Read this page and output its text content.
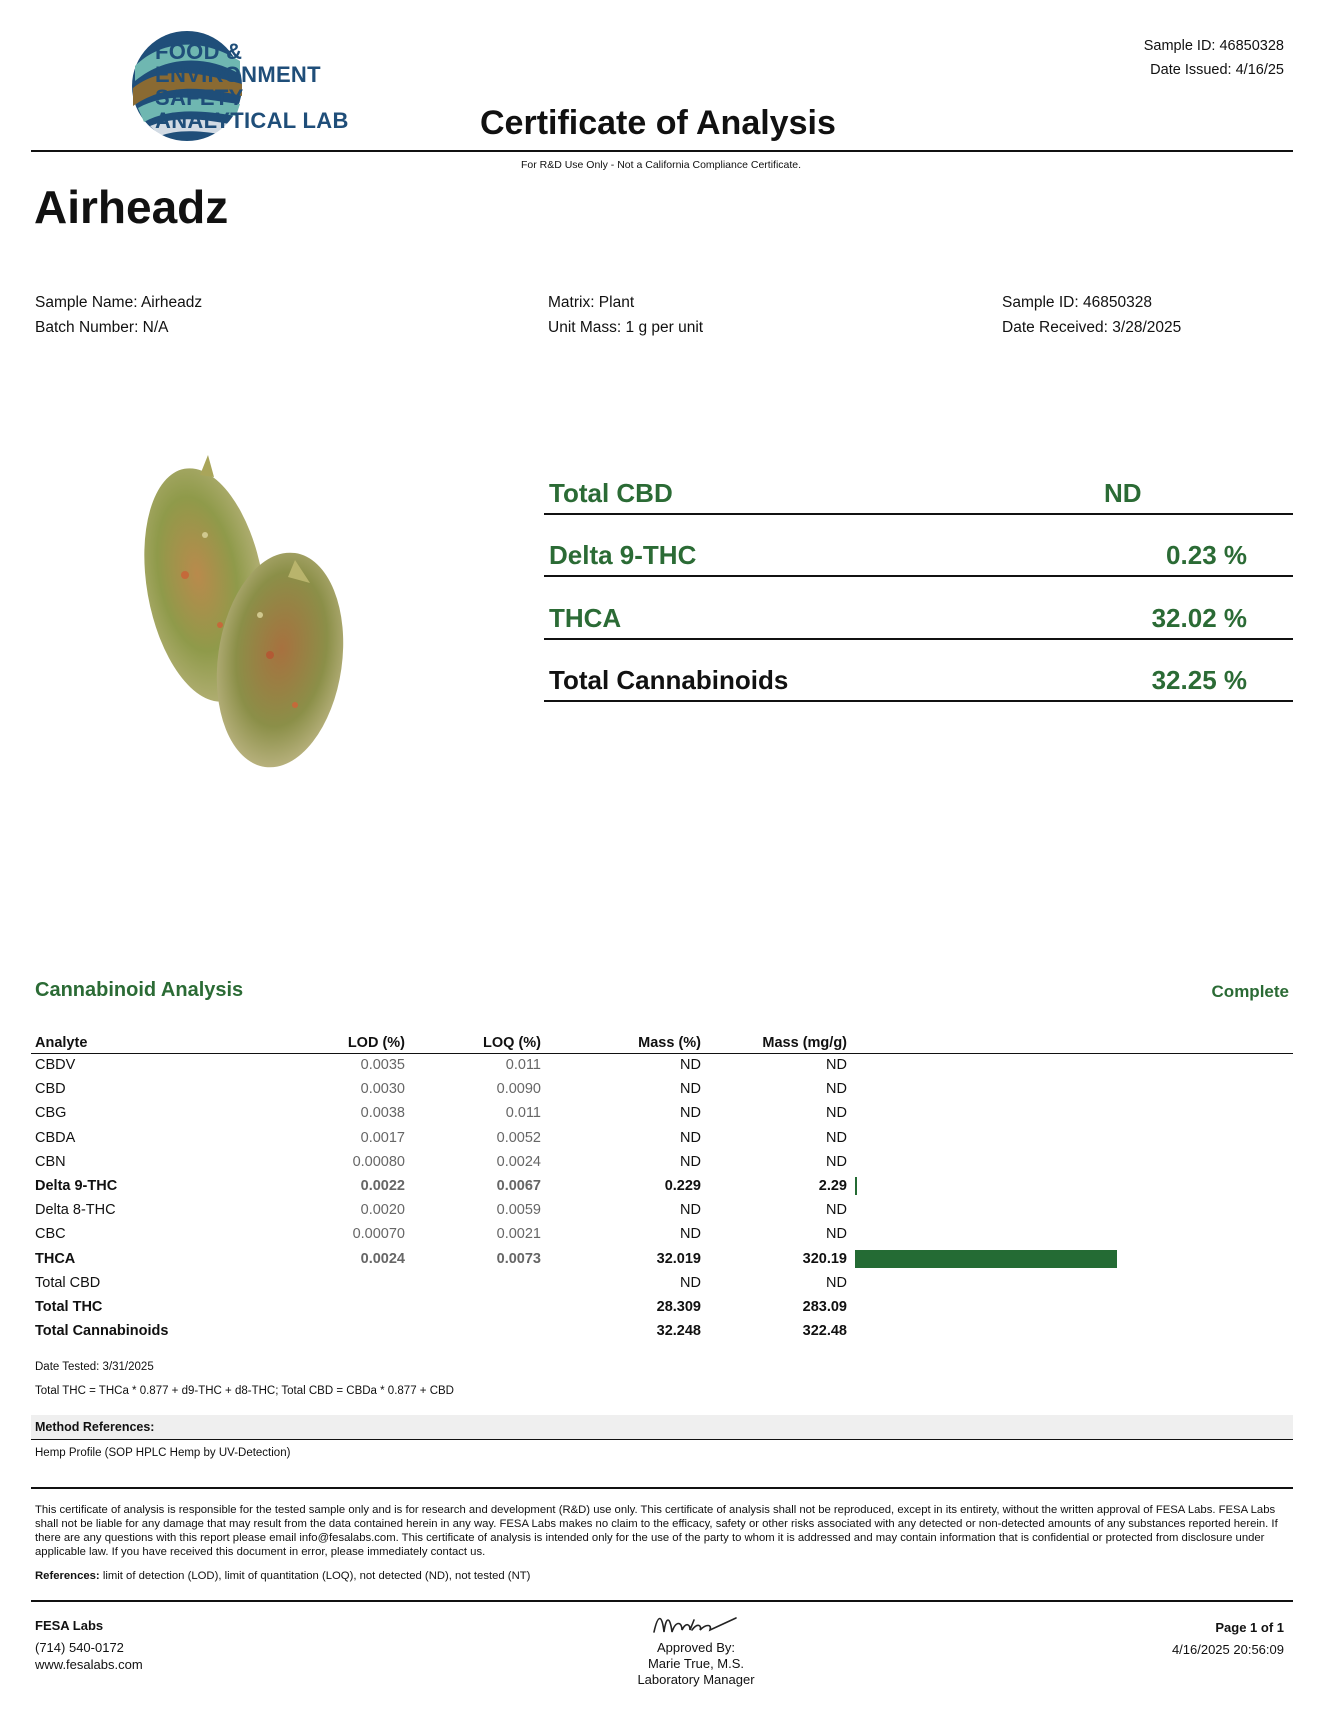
FOOD &
ENVIRONMENT
SAFETY
ANALYTICAL LAB
Sample ID: 46850328
Date Issued: 4/16/25
Certificate of Analysis
For R&D Use Only - Not a California Compliance Certificate.
Airheadz
Sample Name: Airheadz
Batch Number: N/A
Matrix: Plant
Unit Mass: 1 g per unit
Sample ID: 46850328
Date Received: 3/28/2025
Total CBD	ND
Delta 9-THC	0.23 %
THCA	32.02 %
Total Cannabinoids	32.25 %
Cannabinoid Analysis	Complete
Analyte	LOD (%)	LOQ (%)	Mass (%)	Mass (mg/g)	
CBDV	0.0035	0.011	ND	ND	
CBD	0.0030	0.0090	ND	ND	
CBG	0.0038	0.011	ND	ND	
CBDA	0.0017	0.0052	ND	ND	
CBN	0.00080	0.0024	ND	ND	
Delta 9-THC	0.0022	0.0067	0.229	2.29	

Delta 8-THC	0.0020	0.0059	ND	ND	
CBC	0.00070	0.0021	ND	ND	
THCA	0.0024	0.0073	32.019	320.19	

Total CBD			ND	ND	
Total THC			28.309	283.09	
Total Cannabinoids			32.248	322.48	
Date Tested: 3/31/2025
Total THC = THCa * 0.877 + d9-THC + d8-THC; Total CBD = CBDa * 0.877 + CBD
Method References:
Hemp Profile (SOP HPLC Hemp by UV-Detection)
This certificate of analysis is responsible for the tested sample only and is for research and development (R&D) use only. This certificate of analysis shall not be reproduced, except in its entirety, without the written approval of FESA Labs. FESA Labs shall not be liable for any damage that may result from the data contained herein in any way. FESA Labs makes no claim to the efficacy, safety or other risks associated with any detected or non-detected amounts of any substances reported herein. If there are any questions with this report please email info@fesalabs.com. This certificate of analysis is intended only for the use of the party to whom it is addressed and may contain information that is confidential or protected from disclosure under applicable law. If you have received this document in error, please immediately contact us.
References: limit of detection (LOD), limit of quantitation (LOQ), not detected (ND), not tested (NT)
FESA Labs
(714) 540-0172
www.fesalabs.com
Approved By:
Marie True, M.S.
Laboratory Manager
Page 1 of 1
4/16/2025 20:56:09
